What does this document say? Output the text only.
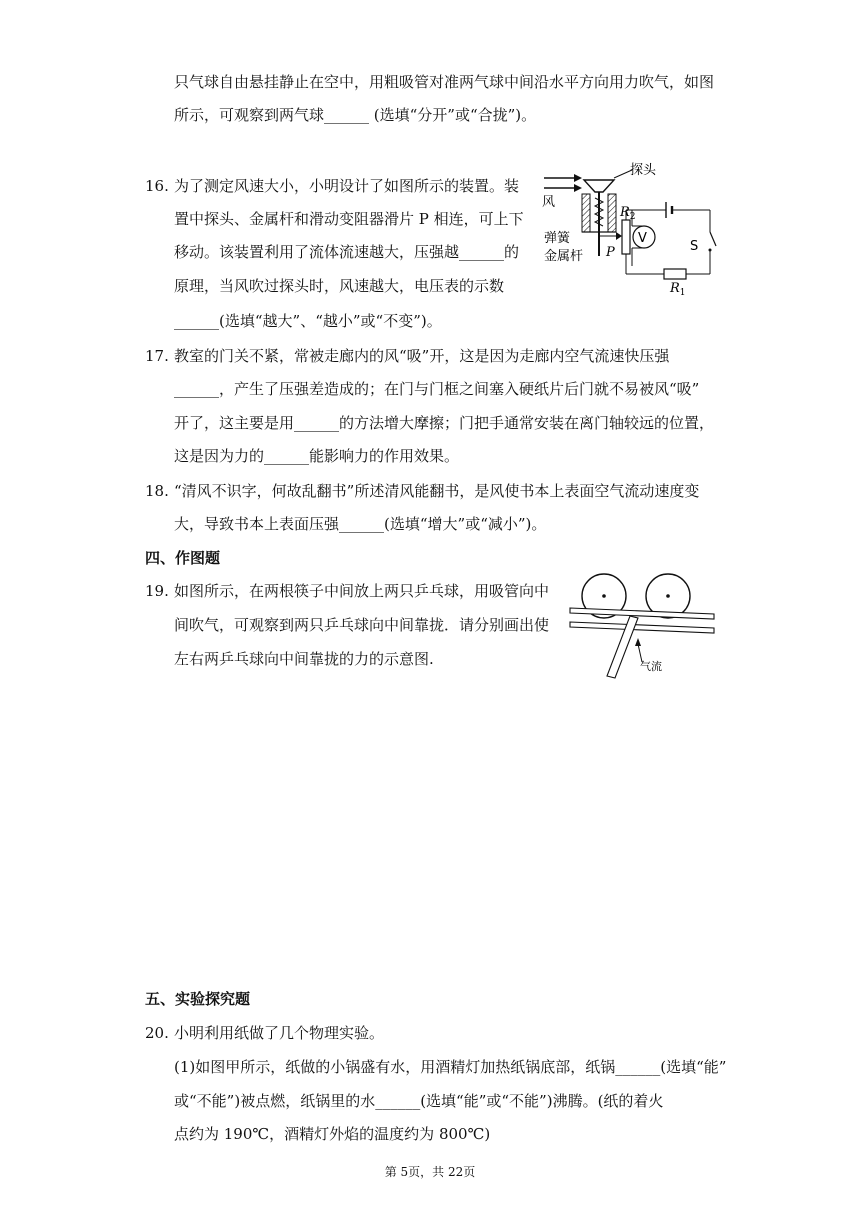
只气球自由悬挂静止在空中，用粗吸管对准两气球中间沿水平方向用力吹气，如图
所示，可观察到两气球______ (选填“分开”或“合拢”)。
16. 为了测定风速大小，小明设计了如图所示的装置。装
置中探头、金属杆和滑动变阻器滑片 P 相连，可上下
移动。该装置利用了流体流速越大，压强越______的
原理，当风吹过探头时，风速越大，电压表的示数
______(选填“越大”、“越小”或“不变”)。
风
探头
弹簧
金属杆 P
$R_2$
V
S
$R_1$
17. 教室的门关不紧，常被走廊内的风“吸”开，这是因为走廊内空气流速快压强
______，产生了压强差造成的；在门与门框之间塞入硬纸片后门就不易被风“吸”
开了，这主要是用______的方法增大摩擦；门把手通常安装在离门轴较远的位置，
这是因为力的______能影响力的作用效果。
18. “清风不识字，何故乱翻书”所述清风能翻书，是风使书本上表面空气流动速度变
大，导致书本上表面压强______(选填“增大”或“减小”)。
四、作图题
19. 如图所示，在两根筷子中间放上两只乒乓球，用吸管向中
间吹气，可观察到两只乒乓球向中间靠拢．请分别画出使
左右两乒乓球向中间靠拢的力的示意图.	气流
五、实验探究题
20. 小明利用纸做了几个物理实验。
(1)如图甲所示，纸做的小锅盛有水，用酒精灯加热纸锅底部，纸锅______(选填“能”
或“不能”)被点燃，纸锅里的水______(选填“能”或“不能”)沸腾。(纸的着火
点约为 190℃，酒精灯外焰的温度约为 800℃)
第 5页，共 22页
